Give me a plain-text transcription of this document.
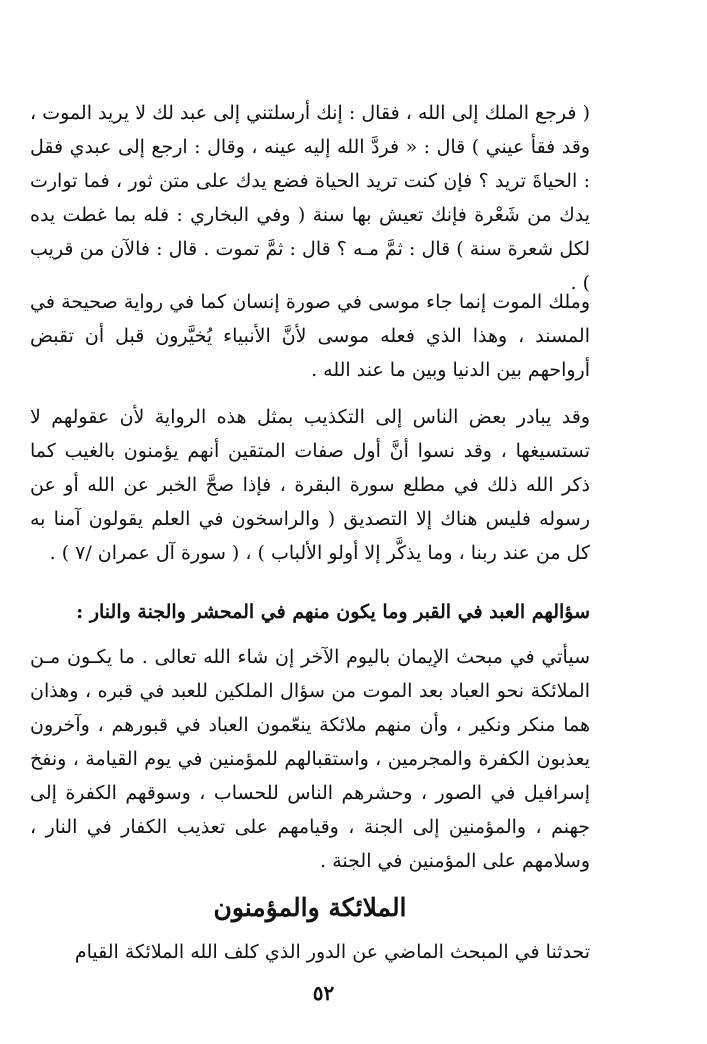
( فرجع الملك إلى الله ، فقال : إنك أرسلتني إلى عبد لك لا يريد الموت ، وقد فقأ عيني ) قال : « فردَّ الله إليه عينه ، وقال : ارجع إلى عبدي فقل : الحياةَ تريد ؟ فإن كنت تريد الحياة فضع يدك على متن ثور ، فما توارت يدك من شَعْرة فإنك تعيش بها سنة ( وفي البخاري : فله بما غطت يده لكل شعرة سنة ) قال : ثمَّ مـه ؟ قال : ثمَّ تموت . قال : فالآن من قريب ) .

وملك الموت إنما جاء موسى في صورة إنسان كما في رواية صحيحة في المسند ، وهذا الذي فعله موسى لأنَّ الأنبياء يُخيَّرون قبل أن تقبض أرواحهم بين الدنيا وبين ما عند الله .

وقد يبادر بعض الناس إلى التكذيب بمثل هذه الرواية لأن عقولهم لا تستسيغها ، وقد نسوا أنَّ أول صفات المتقين أنهم يؤمنون بالغيب كما ذكر الله ذلك في مطلع سورة البقرة ، فإذا صحَّ الخبر عن الله أو عن رسوله فليس هناك إلا التصديق ( والراسخون في العلم يقولون آمنا به كل من عند ربنا ، وما يذكَّر إلا أولو الألباب ) ، ( سورة آل عمران /٧ ) .

سؤالهم العبد في القبر وما يكون منهم في المحشر والجنة والنار :

سيأتي في مبحث الإيمان باليوم الآخر إن شاء الله تعالى . ما يكـون مـن الملائكة نحو العباد بعد الموت من سؤال الملكين للعبد في قبره ، وهذان هما منكر ونكير ، وأن منهم ملائكة ينعّمون العباد في قبورهم ، وآخرون يعذبون الكفرة والمجرمين ، واستقبالهم للمؤمنين في يوم القيامة ، ونفخ إسرافيل في الصور ، وحشرهم الناس للحساب ، وسوقهم الكفرة إلى جهنم ، والمؤمنين إلى الجنة ، وقيامهم على تعذيب الكفار في النار ، وسلامهم على المؤمنين في الجنة .

الملائكة والمؤمنون

تحدثنا في المبحث الماضي عن الدور الذي كلف الله الملائكة القيام

٥٢
